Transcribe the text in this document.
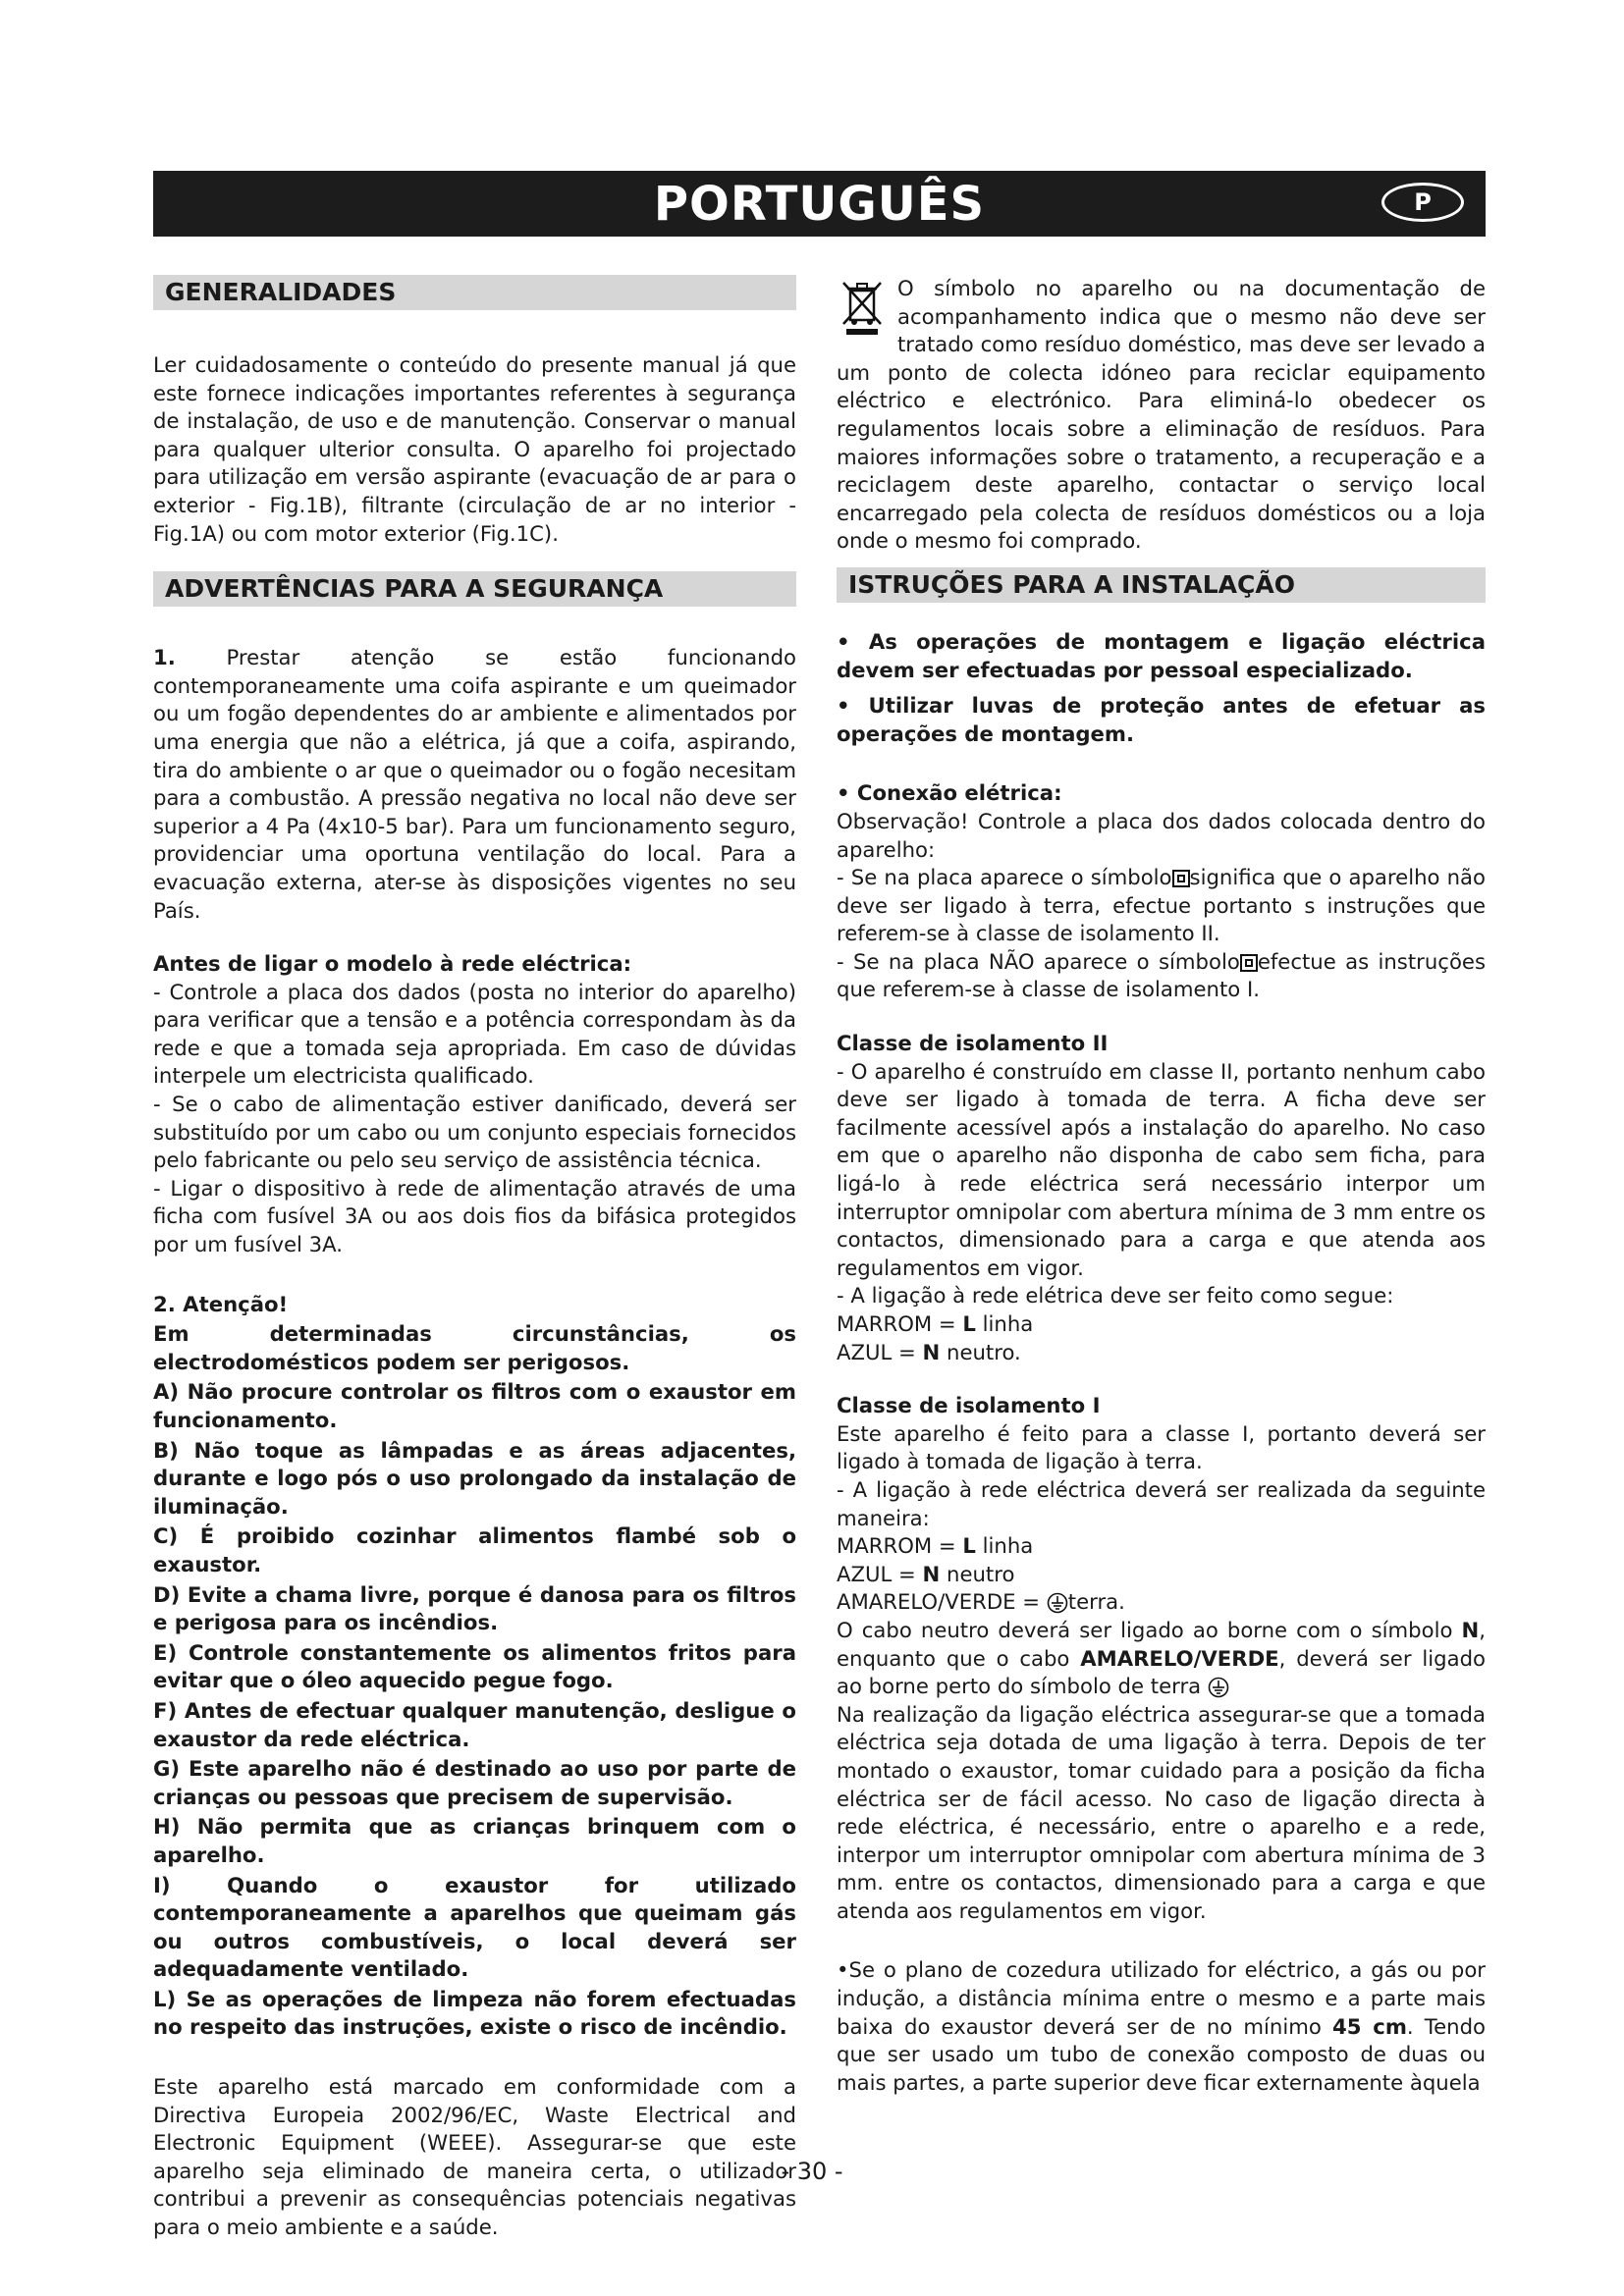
PORTUGUÊS	P
GENERALIDADES

Ler cuidadosamente o conteúdo do presente manual já que este fornece indicações importantes referentes à segurança de instalação, de uso e de manutenção. Conservar o manual para qualquer ulterior consulta. O aparelho foi projectado para utilização em versão aspirante (evacuação de ar para o exterior - Fig.1B), filtrante (circulação de ar no interior - Fig.1A) ou com motor exterior (Fig.1C).

ADVERTÊNCIAS PARA A SEGURANÇA

1. Prestar atenção se estão funcionando contemporaneamente uma coifa aspirante e um queimador ou um fogão dependentes do ar ambiente e alimentados por uma energia que não a elétrica, já que a coifa, aspirando, tira do ambiente o ar que o queimador ou o fogão necesitam para a combustão. A pressão negativa no local não deve ser superior a 4 Pa (4x10-5 bar). Para um funcionamento seguro, providenciar uma oportuna ventilação do local. Para a evacuação externa, ater-se às disposições vigentes no seu País.

Antes de ligar o modelo à rede eléctrica:

- Controle a placa dos dados (posta no interior do aparelho) para verificar que a tensão e a potência correspondam às da rede e que a tomada seja apropriada. Em caso de dúvidas interpele um electricista qualificado.

- Se o cabo de alimentação estiver danificado, deverá ser substituído por um cabo ou um conjunto especiais fornecidos pelo fabricante ou pelo seu serviço de assistência técnica.

- Ligar o dispositivo à rede de alimentação através de uma ficha com fusível 3A ou aos dois fios da bifásica protegidos por um fusível 3A.

2. Atenção!

Em determinadas circunstâncias, os electrodomésticos podem ser perigosos.

A) Não procure controlar os filtros com o exaustor em funcionamento.

B) Não toque as lâmpadas e as áreas adjacentes, durante e logo pós o uso prolongado da instalação de iluminação.

C) É proibido cozinhar alimentos flambé sob o exaustor.

D) Evite a chama livre, porque é danosa para os filtros e perigosa para os incêndios.

E) Controle constantemente os alimentos fritos para evitar que o óleo aquecido pegue fogo.

F) Antes de efectuar qualquer manutenção, desligue o exaustor da rede eléctrica.

G) Este aparelho não é destinado ao uso por parte de crianças ou pessoas que precisem de supervisão.

H) Não permita que as crianças brinquem com o aparelho.

I) Quando o exaustor for utilizado contemporaneamente a aparelhos que queimam gás ou outros combustíveis, o local deverá ser adequadamente ventilado.

L) Se as operações de limpeza não forem efectuadas no respeito das instruções, existe o risco de incêndio.

Este aparelho está marcado em conformidade com a Directiva Europeia 2002/96/EC, Waste Electrical and Electronic Equipment (WEEE). Assegurar-se que este aparelho seja eliminado de maneira certa, o utilizador contribui a prevenir as consequências potenciais negativas para o meio ambiente e a saúde.

O símbolo no aparelho ou na documentação de acompanhamento indica que o mesmo não deve ser tratado como resíduo doméstico, mas deve ser levado a um ponto de colecta idóneo para reciclar equipamento eléctrico e electrónico. Para eliminá-lo obedecer os regulamentos locais sobre a eliminação de resíduos. Para maiores informações sobre o tratamento, a recuperação e a reciclagem deste aparelho, contactar o serviço local encarregado pela colecta de resíduos domésticos ou a loja onde o mesmo foi comprado.

ISTRUÇÕES PARA A INSTALAÇÃO

• As operações de montagem e ligação eléctrica devem ser efectuadas por pessoal especializado.

• Utilizar luvas de proteção antes de efetuar as operações de montagem.

• Conexão elétrica:

Observação! Controle a placa dos dados colocada dentro do aparelho:

- Se na placa aparece o símbolo significa que o aparelho não deve ser ligado à terra, efectue portanto s instruções que referem-se à classe de isolamento II.

- Se na placa NÃO aparece o símbolo efectue as instruções que referem-se à classe de isolamento I.

Classe de isolamento II

- O aparelho é construído em classe II, portanto nenhum cabo deve ser ligado à tomada de terra. A ficha deve ser facilmente acessível após a instalação do aparelho. No caso em que o aparelho não disponha de cabo sem ficha, para ligá-lo à rede eléctrica será necessário interpor um interruptor omnipolar com abertura mínima de 3 mm entre os contactos, dimensionado para a carga e que atenda aos regulamentos em vigor.

- A ligação à rede elétrica deve ser feito como segue:

MARROM = L linha

AZUL = N neutro.

Classe de isolamento I

Este aparelho é feito para a classe I, portanto deverá ser ligado à tomada de ligação à terra.

- A ligação à rede eléctrica deverá ser realizada da seguinte maneira:

MARROM = L linha

AZUL = N neutro

AMARELO/VERDE = terra.

O cabo neutro deverá ser ligado ao borne com o símbolo N, enquanto que o cabo AMARELO/VERDE, deverá ser ligado ao borne perto do símbolo de terra

Na realização da ligação eléctrica assegurar-se que a tomada eléctrica seja dotada de uma ligação à terra. Depois de ter montado o exaustor, tomar cuidado para a posição da ficha eléctrica ser de fácil acesso. No caso de ligação directa à rede eléctrica, é necessário, entre o aparelho e a rede, interpor um interruptor omnipolar com abertura mínima de 3 mm. entre os contactos, dimensionado para a carga e que atenda aos regulamentos em vigor.

•Se o plano de cozedura utilizado for eléctrico, a gás ou por indução, a distância mínima entre o mesmo e a parte mais baixa do exaustor deverá ser de no mínimo 45 cm. Tendo que ser usado um tubo de conexão composto de duas ou mais partes, a parte superior deve ficar externamente àquela

- 30 -
